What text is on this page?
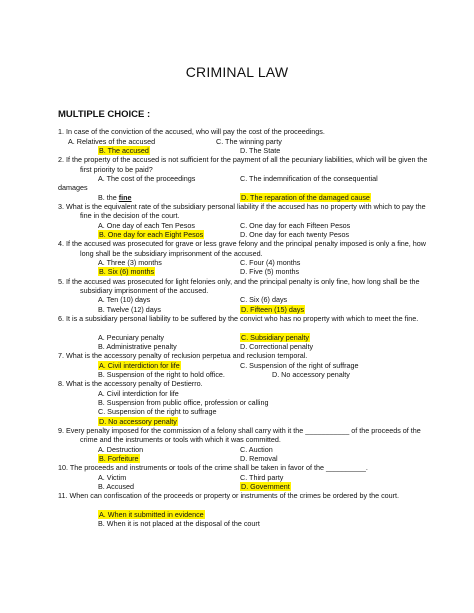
CRIMINAL LAW
MULTIPLE CHOICE :
1. In case of the conviction of the accused, who will pay the cost of the proceedings.
A. Relatives of the accused	C. The winning party
B. The accused	D. The State
2. If the property of the accused is not sufficient for the payment of all the pecuniary liabilities, which will be given the
first priority to be paid?
A. The cost of the proceedings	C. The indemnification of the consequential
damages
B. the fine	D. The reparation of the damaged cause
3. What is the equivalent rate of the subsidiary personal liability if the accused has no property with which to pay the
fine in the decision of the court.
A. One day of each Ten Pesos	C. One day for each Fifteen Pesos
B. One day for each Eight Pesos	D. One day for each twenty Pesos
4. If the accused was prosecuted for grave or less grave felony and the principal penalty imposed is only a fine, how
long shall be the subsidiary imprisonment of the accused.
A. Three (3) months	C. Four (4) months
B. Six (6) months	D. Five (5) months
5. If the accused was prosecuted for light felonies only, and the principal penalty is only fine, how long shall be the
subsidiary imprisonment of the accused.
A. Ten (10) days	C. Six (6) days
B. Twelve (12) days	D. Fifteen (15) days
6. It is a subsidiary personal liability to be suffered by the convict who has no property with which to meet the fine.
A. Pecuniary penalty	C. Subsidiary penalty
B. Administrative penalty	D. Correctional penalty
7. What is the accessory penalty of reclusion perpetua and reclusion temporal.
A. Civil interdiction for life	C. Suspension of the right of suffrage
B. Suspension of the right to hold office.	D. No accessory penalty
8. What is the accessory penalty of Destierro.
A. Civil interdiction for life
B. Suspension from public office, profession or calling
C. Suspension of the right to suffrage
D. No accessory penalty
9. Every penalty imposed for the commission of a felony shall carry with it the ___________ of the proceeds of the
crime and the instruments or tools with which it was committed.
A. Destruction	C. Auction
B. Forfeiture	D. Removal
10. The proceeds and instruments or tools of the crime shall be taken in favor of the __________.
A. Victim	C. Third party
B. Accused	D. Government
11. When can confiscation of the proceeds or property or instruments of the crimes be ordered by the court.
A. When it submitted in evidence
B. When it is not placed at the disposal of the court
